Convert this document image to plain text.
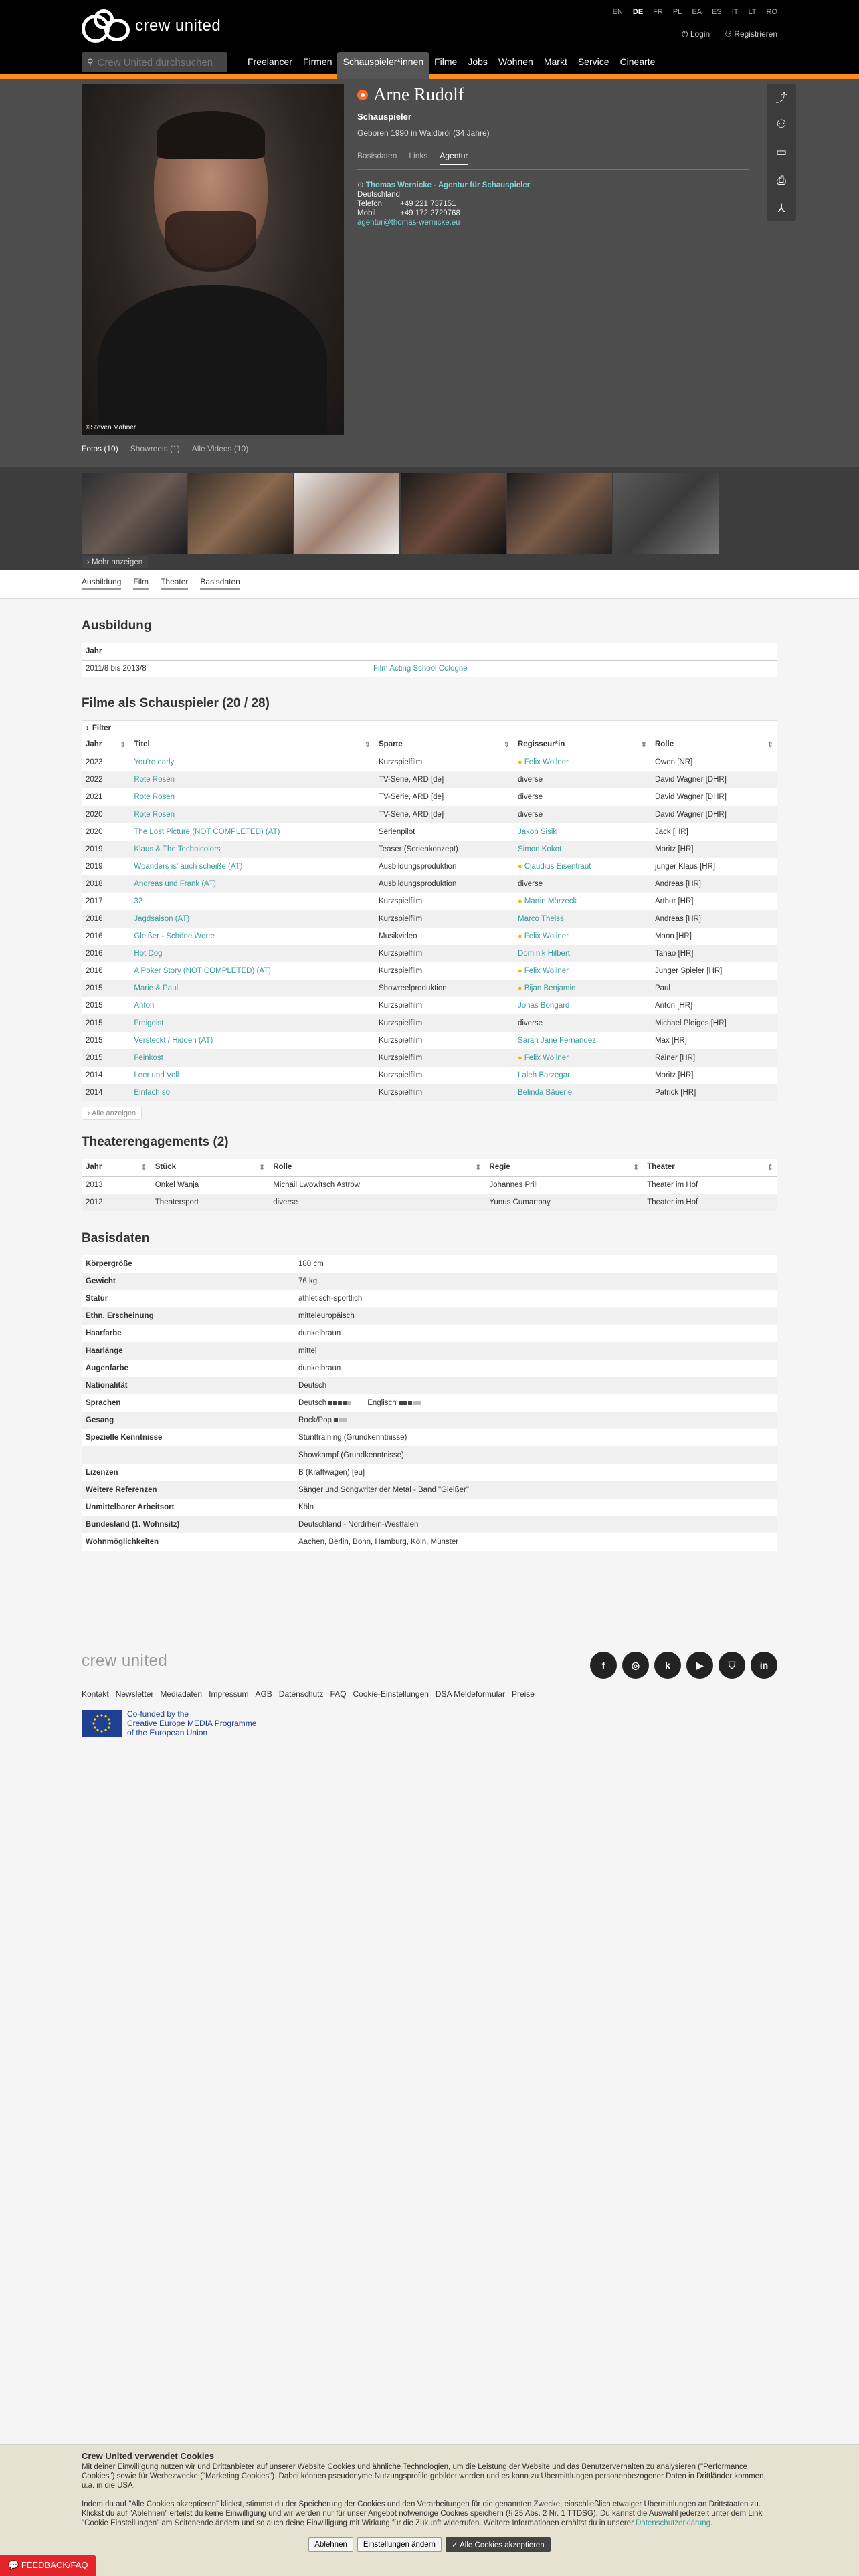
crew united
EN DE FR PL EA ES IT LT RO
⏻ Login ⚇ Registrieren
⚲
Crew United durchsuchen	Freelancer	Firmen	Schauspieler*innen	Filme	Jobs	Wohnen	Markt	Service	Cinearte
©Steven Mahner
Arne Rudolf
Schauspieler
Geboren 1990 in Waldbröl (34 Jahre)
Basisdaten Links Agentur
⊙ Thomas Wernicke - Agentur für Schauspieler
Deutschland
Telefon	+49 221 737151
Mobil	+49 172 2729768
agentur@thomas-wernicke.eu
⤴
⚇
▭
⎙
⅄
Fotos (10) Showreels (1) Alle Videos (10)
› Mehr anzeigen
Ausbildung Film Theater Basisdaten
Ausbildung
Jahr	
2011/8 bis 2013/8	Film Acting School Cologne
Filme als Schauspieler (20 / 28)
› Filter
Jahr ⇕	Titel ⇕	Sparte ⇕	Regisseur*in ⇕	Rolle ⇕
2023	You're early	Kurzspielfilm	● Felix Wollner	Owen [NR]
2022	Rote Rosen	TV-Serie, ARD [de]	diverse	David Wagner [DHR]
2021	Rote Rosen	TV-Serie, ARD [de]	diverse	David Wagner [DHR]
2020	Rote Rosen	TV-Serie, ARD [de]	diverse	David Wagner [DHR]
2020	The Lost Picture (NOT COMPLETED) (AT)	Serienpilot	Jakob Sisik	Jack [HR]
2019	Klaus & The Technicolors	Teaser (Serienkonzept)	Simon Kokot	Moritz [HR]
2019	Woanders is' auch scheiße (AT)	Ausbildungsproduktion	● Claudius Eisentraut	junger Klaus [HR]
2018	Andreas und Frank (AT)	Ausbildungsproduktion	diverse	Andreas [HR]
2017	32	Kurzspielfilm	● Martin Mörzeck	Arthur [HR]
2016	Jagdsaison (AT)	Kurzspielfilm	Marco Theiss	Andreas [HR]
2016	Gleißer - Schöne Worte	Musikvideo	● Felix Wollner	Mann [HR]
2016	Hot Dog	Kurzspielfilm	Dominik Hilbert	Tahao [HR]
2016	A Poker Story (NOT COMPLETED) (AT)	Kurzspielfilm	● Felix Wollner	Junger Spieler [HR]
2015	Marie & Paul	Showreelproduktion	● Bijan Benjamin	Paul
2015	Anton	Kurzspielfilm	Jonas Bongard	Anton [HR]
2015	Freigeist	Kurzspielfilm	diverse	Michael Pleiges [HR]
2015	Versteckt / Hidden (AT)	Kurzspielfilm	Sarah Jane Fernandez	Max [HR]
2015	Feinkost	Kurzspielfilm	● Felix Wollner	Rainer [HR]
2014	Leer und Voll	Kurzspielfilm	Laleh Barzegar	Moritz [HR]
2014	Einfach so	Kurzspielfilm	Belinda Bäuerle	Patrick [HR]
› Alle anzeigen
Theaterengagements (2)
Jahr ⇕	Stück ⇕	Rolle ⇕	Regie ⇕	Theater ⇕
2013	Onkel Wanja	Michail Lwowitsch Astrow	Johannes Prill	Theater im Hof
2012	Theatersport	diverse	Yunus Cumartpay	Theater im Hof
Basisdaten
Körpergröße	180 cm
Gewicht	76 kg
Statur	athletisch-sportlich
Ethn. Erscheinung	mitteleuropäisch
Haarfarbe	dunkelbraun
Haarlänge	mittel
Augenfarbe	dunkelbraun
Nationalität	Deutsch
Sprachen	Deutsch Englisch

Gesang	Rock/Pop

Spezielle Kenntnisse	Stunttraining (Grundkenntnisse)
	Showkampf (Grundkenntnisse)
Lizenzen	B (Kraftwagen) [eu]
Weitere Referenzen	Sänger und Songwriter der Metal - Band "Gleißer"
Unmittelbarer Arbeitsort	Köln
Bundesland (1. Wohnsitz)	Deutschland - Nordrhein-Westfalen
Wohnmöglichkeiten	Aachen, Berlin, Bonn, Hamburg, Köln, Münster
crew united	f	◎	k	▶	⛉	in
Kontakt Newsletter Mediadaten Impressum AGB Datenschutz FAQ Cookie-Einstellungen DSA Meldeformular Preise
Co-funded by the
Creative Europe MEDIA Programme
of the European Union
Crew United verwendet Cookies

Mit deiner Einwilligung nutzen wir und Drittanbieter auf unserer Website Cookies und ähnliche Technologien, um die Leistung der Website und das Benutzerverhalten zu analysieren ("Performance Cookies") sowie für Werbezwecke ("Marketing Cookies"). Dabei können pseudonyme Nutzungsprofile gebildet werden und es kann zu Übermittlungen personenbezogener Daten in Drittländer kommen, u.a. in die USA.

Indem du auf "Alle Cookies akzeptieren" klickst, stimmst du der Speicherung der Cookies und den Verarbeitungen für die genannten Zwecke, einschließlich etwaiger Übermittlungen an Drittstaaten zu. Klickst du auf "Ablehnen" erteilst du keine Einwilligung und wir werden nur für unser Angebot notwendige Cookies speichern (§ 25 Abs. 2 Nr. 1 TTDSG). Du kannst die Auswahl jederzeit unter dem Link "Cookie Einstellungen" am Seitenende ändern und so auch deine Einwilligung mit Wirkung für die Zukunft widerrufen. Weitere Informationen erhältst du in unserer Datenschutzerklärung.

Ablehnen	Einstellungen ändern	✓ Alle Cookies akzeptieren
💬 FEEDBACK/FAQ
